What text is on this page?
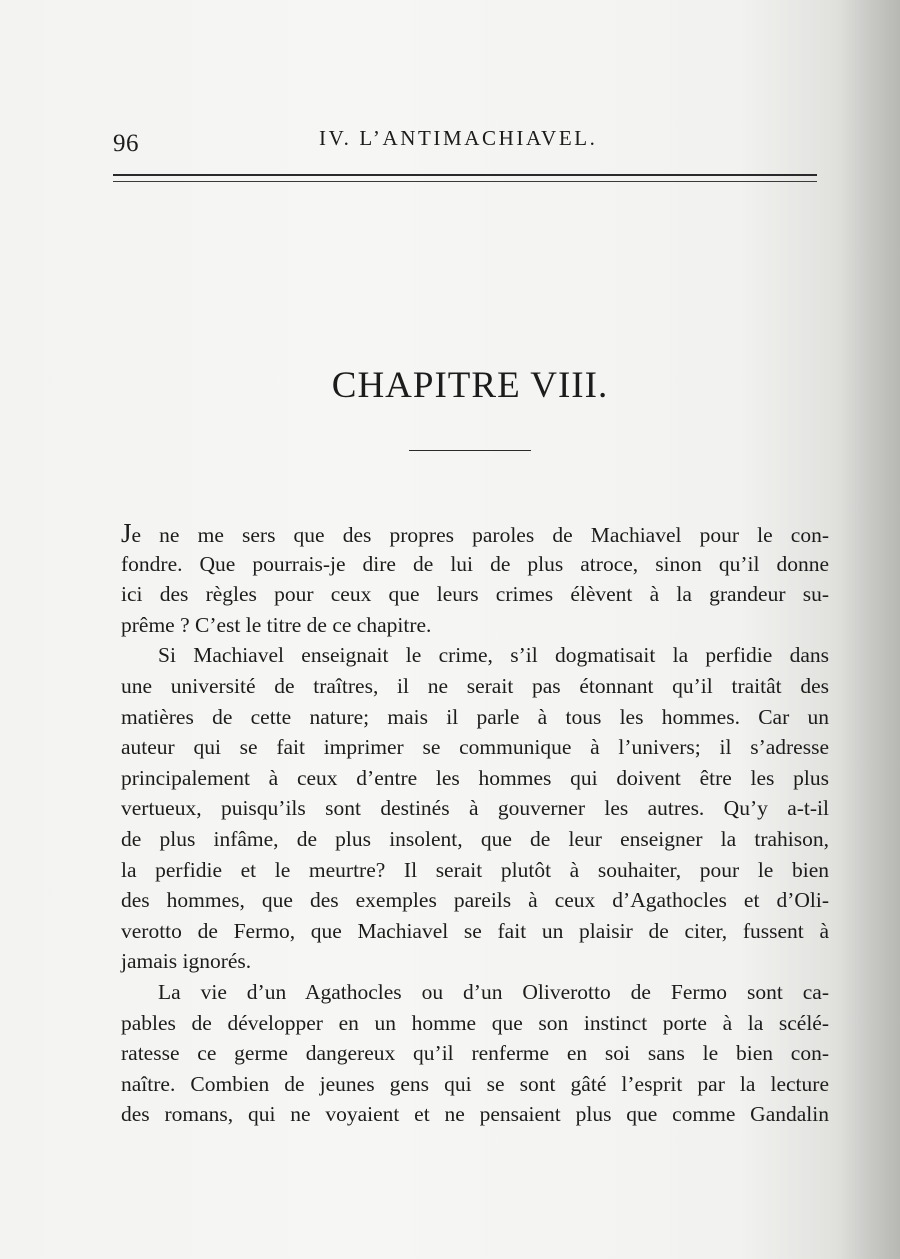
96	IV. L’ANTIMACHIAVEL.
CHAPITRE VIII.
Je ne me sers que des propres paroles de Machiavel pour le con-
fondre. Que pourrais-je dire de lui de plus atroce, sinon qu’il donne
ici des règles pour ceux que leurs crimes élèvent à la grandeur su-
prême ? C’est le titre de ce chapitre.
Si Machiavel enseignait le crime, s’il dogmatisait la perfidie dans
une université de traîtres, il ne serait pas étonnant qu’il traitât des
matières de cette nature; mais il parle à tous les hommes. Car un
auteur qui se fait imprimer se communique à l’univers; il s’adresse
principalement à ceux d’entre les hommes qui doivent être les plus
vertueux, puisqu’ils sont destinés à gouverner les autres. Qu’y a-t-il
de plus infâme, de plus insolent, que de leur enseigner la trahison,
la perfidie et le meurtre? Il serait plutôt à souhaiter, pour le bien
des hommes, que des exemples pareils à ceux d’Agathocles et d’Oli-
verotto de Fermo, que Machiavel se fait un plaisir de citer, fussent à
jamais ignorés.
La vie d’un Agathocles ou d’un Oliverotto de Fermo sont ca-
pables de développer en un homme que son instinct porte à la scélé-
ratesse ce germe dangereux qu’il renferme en soi sans le bien con-
naître. Combien de jeunes gens qui se sont gâté l’esprit par la lecture
des romans, qui ne voyaient et ne pensaient plus que comme Gandalin
